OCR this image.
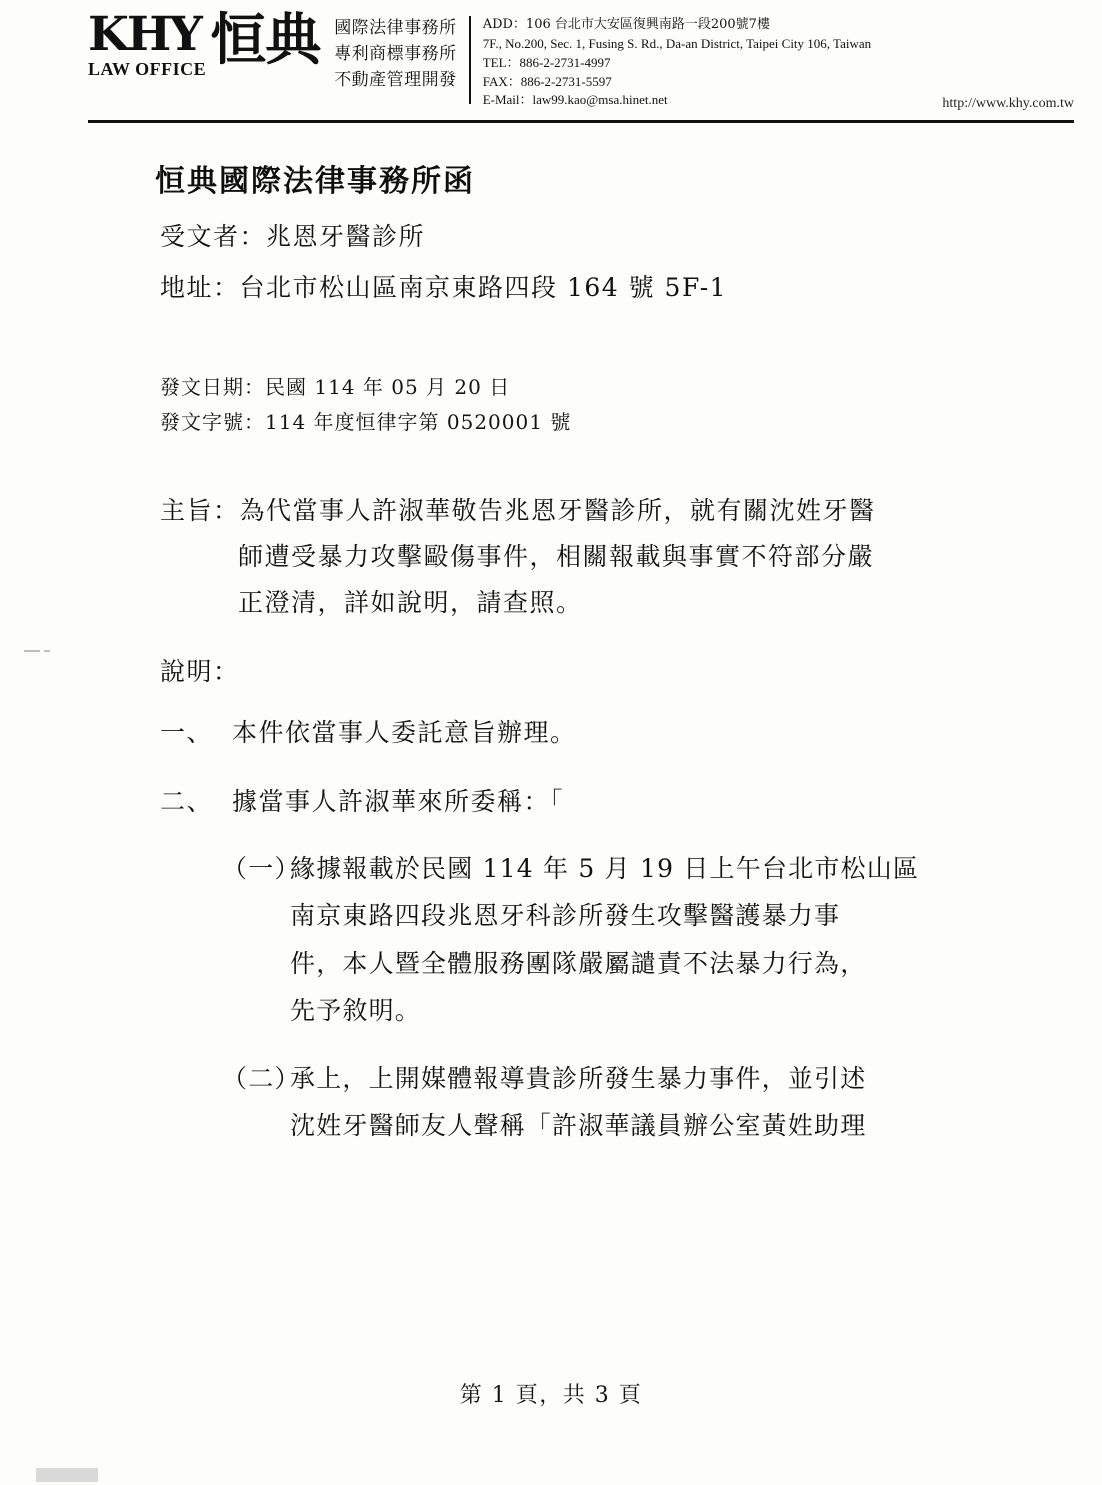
KHY
LAW OFFICE 恒典 國際法律事務所
專利商標事務所
不動產管理開發
ADD：106 台北市大安區復興南路一段200號7樓
7F., No.200, Sec. 1, Fusing S. Rd., Da-an District, Taipei City 106, Taiwan
TEL：886-2-2731-4997
FAX：886-2-2731-5597
E-Mail：law99.kao@msa.hinet.net	http://www.khy.com.tw
恒典國際法律事務所函
受文者：兆恩牙醫診所
地址：台北市松山區南京東路四段 164 號 5F-1
發文日期：民國 114 年 05 月 20 日
發文字號：114 年度恒律字第 0520001 號
主旨：為代當事人許淑華敬告兆恩牙醫診所，就有關沈姓牙醫
師遭受暴力攻擊毆傷事件，相關報載與事實不符部分嚴
正澄清，詳如說明，請查照。
說明：
一、 本件依當事人委託意旨辦理。
二、 據當事人許淑華來所委稱：「
（一）
緣據報載於民國 114 年 5 月 19 日上午台北市松山區
南京東路四段兆恩牙科診所發生攻擊醫護暴力事
件，本人暨全體服務團隊嚴屬譴責不法暴力行為，
先予敘明。
（二）
承上，上開媒體報導貴診所發生暴力事件，並引述
沈姓牙醫師友人聲稱「許淑華議員辦公室黃姓助理
第 1 頁，共 3 頁
